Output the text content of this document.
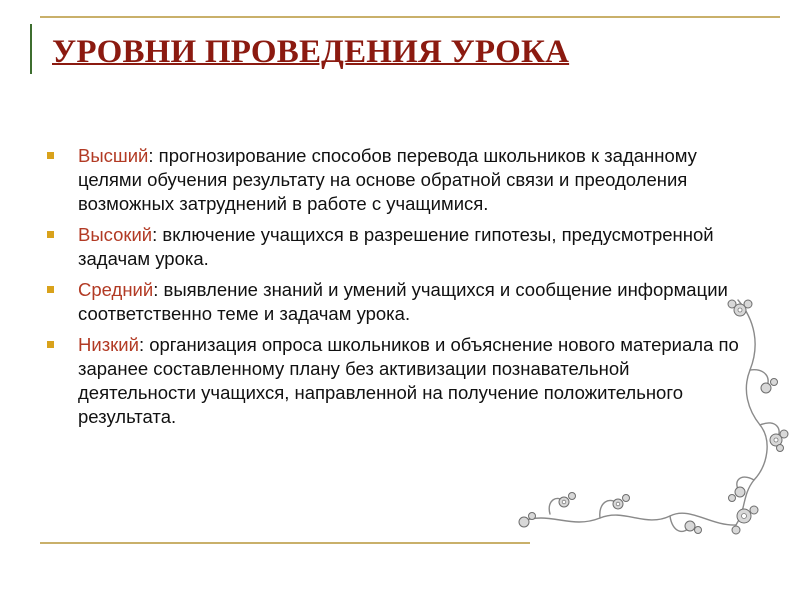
УРОВНИ ПРОВЕДЕНИЯ УРОКА
Высший: прогнозирование способов перевода школьников к заданному целями обучения результату на основе обратной связи и преодоления возможных затруднений в работе с учащимися.
Высокий: включение учащихся в разрешение гипотезы, предусмотренной задачам урока.
Средний: выявление знаний и умений учащихся и сообщение информации соответственно теме и задачам урока.
Низкий: организация опроса школьников и объяснение нового материала по заранее составленному плану без активизации познавательной деятельности учащихся, направленной на получение положительного результата.
